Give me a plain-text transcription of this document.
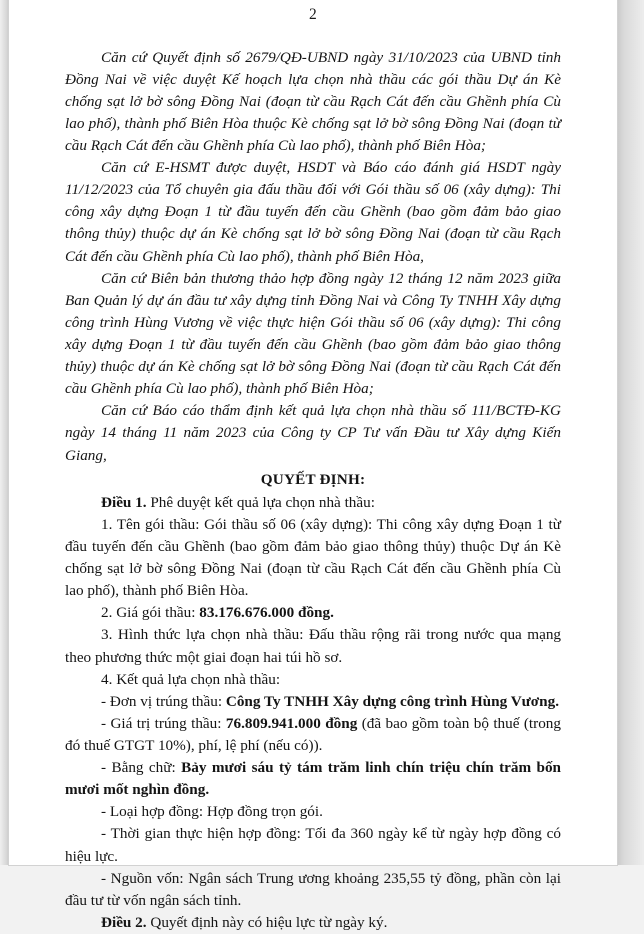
2

Căn cứ Quyết định số 2679/QĐ-UBND ngày 31/10/2023 của UBND tỉnh Đồng Nai về việc duyệt Kế hoạch lựa chọn nhà thầu các gói thầu Dự án Kè chống sạt lở bờ sông Đồng Nai (đoạn từ cầu Rạch Cát đến cầu Ghềnh phía Cù lao phố), thành phố Biên Hòa thuộc Kè chống sạt lở bờ sông Đồng Nai (đoạn từ cầu Rạch Cát đến cầu Ghềnh phía Cù lao phố), thành phố Biên Hòa;

Căn cứ E-HSMT được duyệt, HSDT và Báo cáo đánh giá HSDT ngày 11/12/2023 của Tổ chuyên gia đấu thầu đối với Gói thầu số 06 (xây dựng): Thi công xây dựng Đoạn 1 từ đầu tuyến đến cầu Ghềnh (bao gồm đảm bảo giao thông thủy) thuộc dự án Kè chống sạt lở bờ sông Đồng Nai (đoạn từ cầu Rạch Cát đến cầu Ghềnh phía Cù lao phố), thành phố Biên Hòa,

Căn cứ Biên bản thương thảo hợp đồng ngày 12 tháng 12 năm 2023 giữa Ban Quản lý dự án đầu tư xây dựng tỉnh Đồng Nai và Công Ty TNHH Xây dựng công trình Hùng Vương về việc thực hiện Gói thầu số 06 (xây dựng): Thi công xây dựng Đoạn 1 từ đầu tuyến đến cầu Ghềnh (bao gồm đảm bảo giao thông thủy) thuộc dự án Kè chống sạt lở bờ sông Đồng Nai (đoạn từ cầu Rạch Cát đến cầu Ghềnh phía Cù lao phố), thành phố Biên Hòa;

Căn cứ Báo cáo thẩm định kết quả lựa chọn nhà thầu số 111/BCTĐ-KG ngày 14 tháng 11 năm 2023 của Công ty CP Tư vấn Đầu tư Xây dựng Kiến Giang,

QUYẾT ĐỊNH:

Điều 1. Phê duyệt kết quả lựa chọn nhà thầu:

1. Tên gói thầu: Gói thầu số 06 (xây dựng): Thi công xây dựng Đoạn 1 từ đầu tuyến đến cầu Ghềnh (bao gồm đảm bảo giao thông thủy) thuộc Dự án Kè chống sạt lở bờ sông Đồng Nai (đoạn từ cầu Rạch Cát đến cầu Ghềnh phía Cù lao phố), thành phố Biên Hòa.

2. Giá gói thầu: 83.176.676.000 đồng.

3. Hình thức lựa chọn nhà thầu: Đấu thầu rộng rãi trong nước qua mạng theo phương thức một giai đoạn hai túi hồ sơ.

4. Kết quả lựa chọn nhà thầu:

- Đơn vị trúng thầu: Công Ty TNHH Xây dựng công trình Hùng Vương.

- Giá trị trúng thầu: 76.809.941.000 đồng (đã bao gồm toàn bộ thuế (trong đó thuế GTGT 10%), phí, lệ phí (nếu có)).

- Bằng chữ: Bảy mươi sáu tỷ tám trăm linh chín triệu chín trăm bốn mươi mốt nghìn đồng.

- Loại hợp đồng: Hợp đồng trọn gói.

- Thời gian thực hiện hợp đồng: Tối đa 360 ngày kể từ ngày hợp đồng có hiệu lực.

- Nguồn vốn: Ngân sách Trung ương khoảng 235,55 tỷ đồng, phần còn lại đầu tư từ vốn ngân sách tỉnh.

Điều 2. Quyết định này có hiệu lực từ ngày ký.
